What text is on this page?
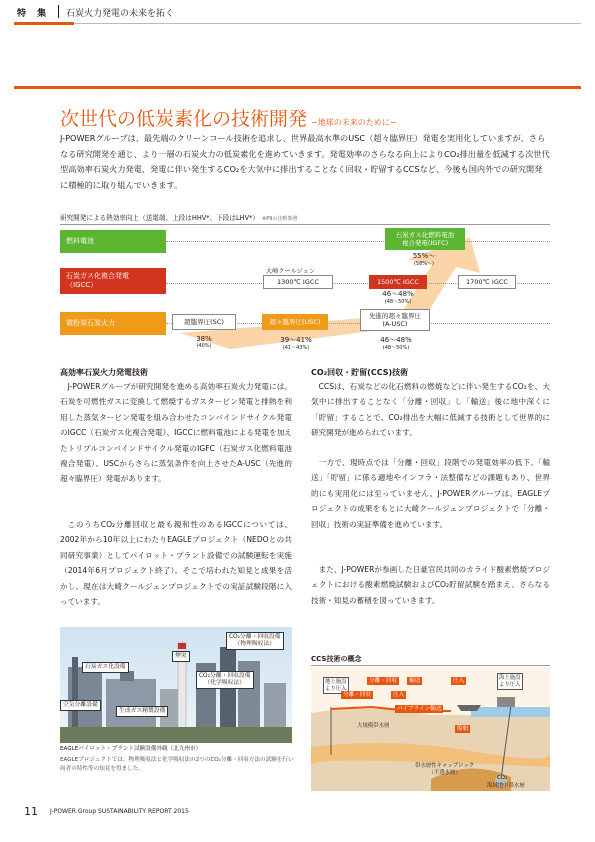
特 集 石炭火力発電の未来を拓く
次世代の低炭素化の技術開発 −地球の未来のために−
J-POWERグループは、最先端のクリーンコール技術を追求し、世界最高水準のUSC（超々臨界圧）発電を実用化していますが、さらなる研究開発を通じ、より一層の石炭火力の低炭素化を進めていきます。発電効率のさらなる向上によりCO₂排出量を低減する次世代型高効率石炭火力発電、発電に伴い発生するCO₂を大気中に排出することなく回収・貯留するCCSなど、今後も国内外での研究開発に積極的に取り組んでいきます。
研究開発による熱効率向上（送電端、上段はHHV*、下段はLHV*） ※P9の注釈参照
燃料電池
石炭ガス化複合発電
（IGCC）
微粉炭石炭火力
石炭ガス化燃料電池
複合発電(IGFC)
55%〜
(58%〜)
大崎クールジェン
1300℃ IGCC	1500℃ IGCC	1700℃ IGCC
46〜48%
(48〜50%)
超臨界圧(SC)	超々臨界圧(USC)
先進的超々臨界圧
(A-USC)
38%
(40%)
39〜41%
(41〜43%)
46〜48%
(48〜50%)
高効率石炭火力発電技術
J-POWERグループが研究開発を進める高効率石炭火力発電には、石炭を可燃性ガスに変換して燃焼するガスタービン発電と排熱を利用した蒸気タービン発電を組み合わせたコンバインドサイクル発電のIGCC（石炭ガス化複合発電）、IGCCに燃料電池による発電を加えたトリプルコンバインドサイクル発電のIGFC（石炭ガス化燃料電池複合発電）、USCからさらに蒸気条件を向上させたA-USC（先進的超々臨界圧）発電があります。
このうちCO₂分離回収と最も親和性のあるIGCCについては、2002年から10年以上にわたりEAGLEプロジェクト（NEDOとの共同研究事業）としてパイロット・プラント設備での試験運転を実施（2014年6月プロジェクト終了）。そこで培われた知見と成果を活かし、現在は大崎クールジェンプロジェクトでの実証試験段階に入っています。
石炭ガス化設備
煙突
CO₂分離・回収設備
（物理吸収法）
CO₂分離・回収設備
（化学吸収法）
空気分離設備
生成ガス精製設備
EAGLEパイロット・プラント試験設備外観（北九州市）
EAGLEプロジェクトでは、物理吸収法と化学吸収法の2つのCO₂分離・回収方法の試験を行い両者の特性等の知見を得ました。
CO₂回収・貯留(CCS)技術
CCSは、石炭などの化石燃料の燃焼などに伴い発生するCO₂を、大気中に排出することなく「分離・回収」し「輸送」後に地中深くに「貯留」することで、CO₂排出を大幅に低減する技術として世界的に研究開発が進められています。
一方で、現時点では「分離・回収」段階での発電効率の低下、「輸送」「貯留」に係る適地やインフラ・法整備などの課題もあり、世界的にも実用化には至っていません。J-POWERグループは、EAGLEプロジェクトの成果をもとに大崎クールジェンプロジェクトで「分離・回収」技術の実証準備を進めています。
また、J-POWERが参画した日豪官民共同のカライド酸素燃焼プロジェクトにおける酸素燃焼試験およびCO₂貯留試験を踏まえ、さらなる技術・知見の蓄積を図っていきます。
CCS技術の概念
地上施設
より圧入
分離・回収	輸送	圧入	海上施設
より圧入
分離・回収	圧入
船舶
パイプライン輸送
大規模帯水層
帯水層性キャップロック
（不透水層）
CO₂
海域地中帯水層
11 J-POWER Group SUSTAINABILITY REPORT 2015
